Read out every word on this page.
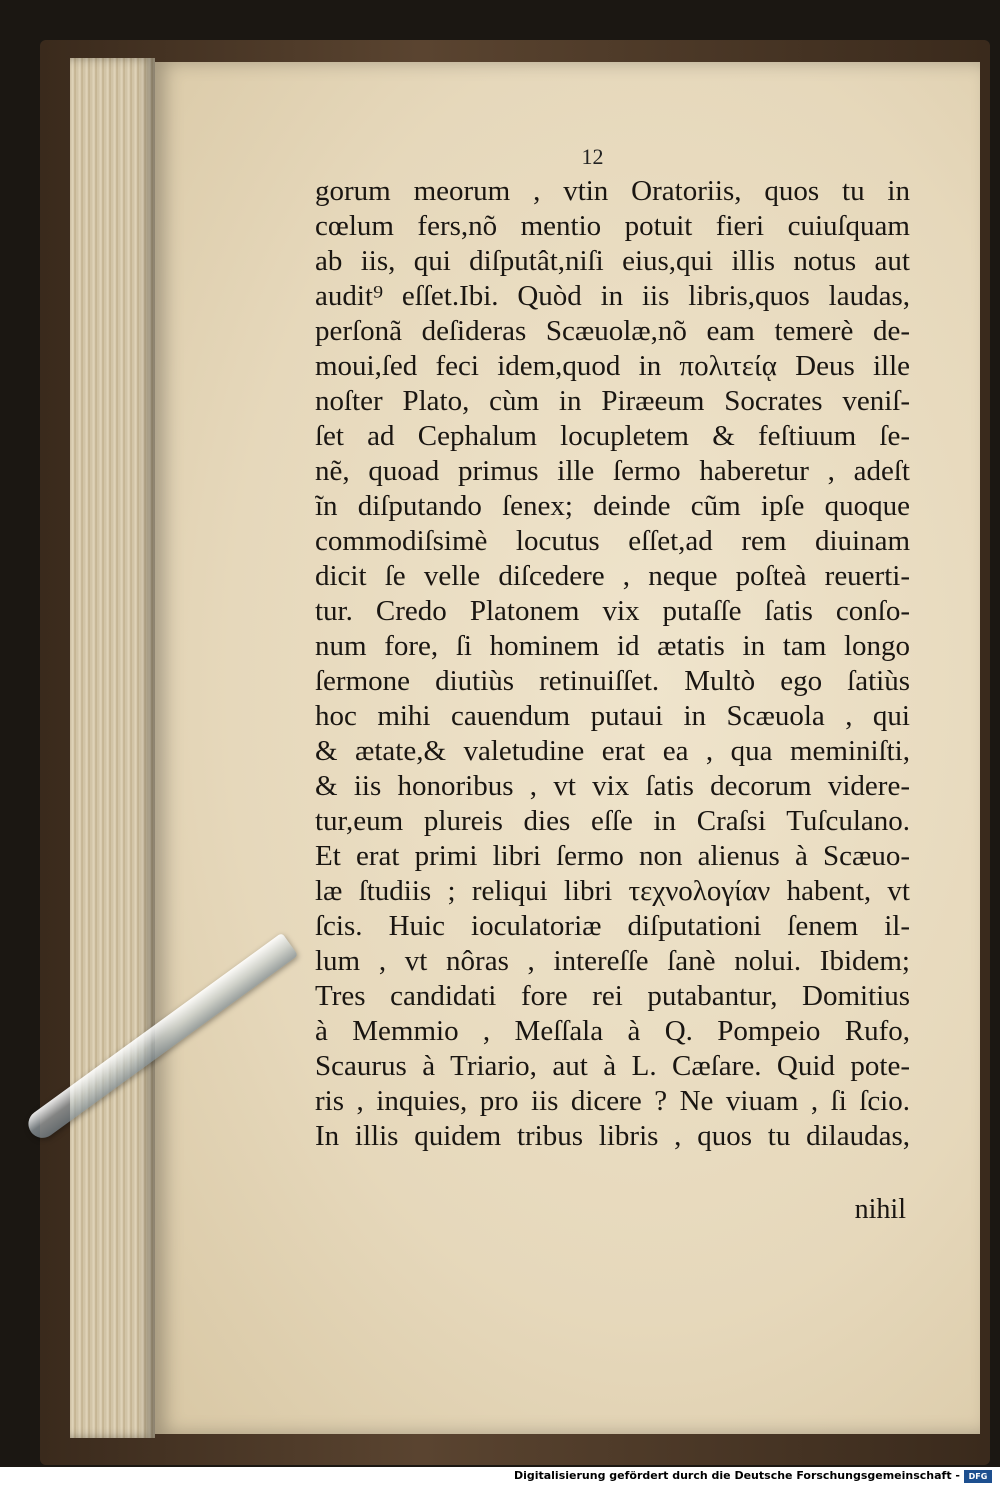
12
gorum meorum , vtin Oratoriis, quos tu in
cœlum fers,nõ mentio potuit fieri cuiuſquam
ab iis, qui diſputât,niſi eius,qui illis notus aut
audit⁹ eſſet.Ibi. Quòd in iis libris,quos laudas,
perſonã deſideras Scæuolæ,nõ eam temerè de-
moui,ſed feci idem,quod in πολιτείᾳ Deus ille
noſter Plato, cùm in Piræeum Socrates veniſ-
ſet ad Cephalum locupletem & feſtiuum ſe-
nẽ, quoad primus ille ſermo haberetur , adeſt
ĩn diſputando ſenex; deinde cũm ipſe quoque
commodiſsimè locutus eſſet,ad rem diuinam
dicit ſe velle diſcedere , neque poſteà reuerti-
tur. Credo Platonem vix putaſſe ſatis conſo-
num fore, ſi hominem id ætatis in tam longo
ſermone diutiùs retinuiſſet. Multò ego ſatiùs
hoc mihi cauendum putaui in Scæuola , qui
& ætate,& valetudine erat ea , qua meminiſti,
& iis honoribus , vt vix ſatis decorum videre-
tur,eum plureis dies eſſe in Craſsi Tuſculano.
Et erat primi libri ſermo non alienus à Scæuo-
læ ſtudiis ; reliqui libri τεχνολογίαν habent, vt
ſcis. Huic ioculatoriæ diſputationi ſenem il-
lum , vt nôras , intereſſe ſanè nolui. Ibidem;
Tres candidati fore rei putabantur, Domitius
à Memmio , Meſſala à Q. Pompeio Rufo,
Scaurus à Triario, aut à L. Cæſare. Quid pote-
ris , inquies, pro iis dicere ? Ne viuam , ſi ſcio.
In illis quidem tribus libris , quos tu dilaudas,
nihil
Digitalisierung gefördert durch die Deutsche Forschungsgemeinschaft -	DFG
